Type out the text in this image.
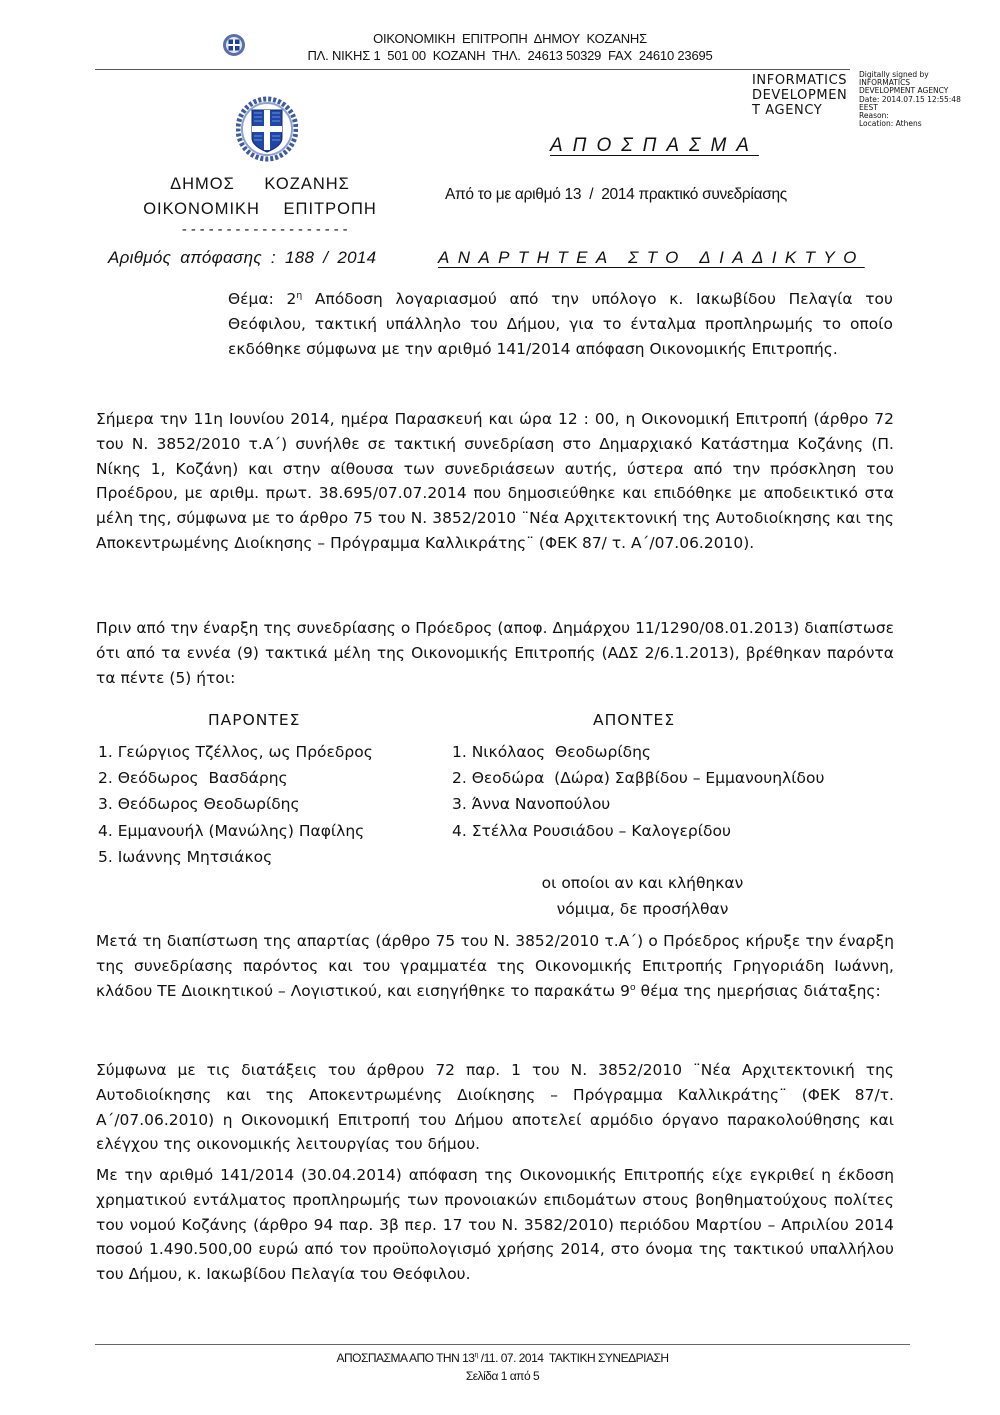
ΟΙΚΟΝΟΜΙΚΗ  ΕΠΙΤΡΟΠΗ  ΔΗΜΟΥ  ΚΟΖΑΝΗΣ
ΠΛ. ΝΙΚΗΣ 1  501 00  ΚΟΖΑΝΗ  ΤΗΛ.  24613 50329  FAX  24610 23695
INFORMATICS
DEVELOPMEN
T AGENCY
Digitally signed by
INFORMATICS
DEVELOPMENT AGENCY
Date: 2014.07.15 12:55:48
EEST
Reason:
Location: Athens
ΑΠΟΣΠΑΣΜΑ
ΔΗΜΟΣ ΚΟΖΑΝΗΣ
ΟΙΚΟΝΟΜΙΚΗ ΕΠΙΤΡΟΠΗ
-------------------
Από το με αριθμό 13  /  2014 πρακτικό συνεδρίασης
Αριθμός απόφασης : 188 / 2014	ΑΝΑΡΤΗΤΕΑ ΣΤΟ ΔΙΑΔΙΚΤΥΟ
Θέμα: $2^\eta$ Απόδοση λογαριασμού από την υπόλογο κ. Ιακωβίδου Πελαγία του Θεόφιλου, τακτική υπάλληλο του Δήμου, για το ένταλμα προπληρωμής το οποίο εκδόθηκε σύμφωνα με την αριθμό 141/2014 απόφαση Οικονομικής Επιτροπής.
Σήμερα την 11η Ιουνίου 2014, ημέρα Παρασκευή και ώρα 12 : 00, η Οικονομική Επιτροπή (άρθρο 72 του Ν. 3852/2010 τ.Α΄) συνήλθε σε τακτική συνεδρίαση στο Δημαρχιακό Κατάστημα Κοζάνης (Π. Νίκης 1, Κοζάνη) και στην αίθουσα των συνεδριάσεων αυτής, ύστερα από την πρόσκληση του Προέδρου, με αριθμ. πρωτ. 38.695/07.07.2014 που δημοσιεύθηκε και επιδόθηκε με αποδεικτικό στα μέλη της, σύμφωνα με το άρθρο 75 του Ν. 3852/2010 ¨Νέα Αρχιτεκτονική της Αυτοδιοίκησης και της Αποκεντρωμένης Διοίκησης – Πρόγραμμα Καλλικράτης¨ (ΦΕΚ 87/ τ. Α΄/07.06.2010).
Πριν από την έναρξη της συνεδρίασης ο Πρόεδρος (αποφ. Δημάρχου 11/1290/08.01.2013) διαπίστωσε ότι από τα εννέα (9) τακτικά μέλη της Οικονομικής Επιτροπής (ΑΔΣ 2/6.1.2013), βρέθηκαν παρόντα τα πέντε (5) ήτοι:
ΠΑΡΟΝΤΕΣ	ΑΠΟΝΤΕΣ
1. Γεώργιος Τζέλλος, ως Πρόεδρος
2. Θεόδωρος  Βασδάρης
3. Θεόδωρος Θεοδωρίδης
4. Εμμανουήλ (Μανώλης) Παφίλης
5. Ιωάννης Μητσιάκος
1. Νικόλαος  Θεοδωρίδης
2. Θεοδώρα  (Δώρα) Σαββίδου – Εμμανουηλίδου
3. Άννα Νανοπούλου
4. Στέλλα Ρουσιάδου – Καλογερίδου
οι οποίοι αν και κλήθηκαν
νόμιμα, δε προσήλθαν
Μετά τη διαπίστωση της απαρτίας (άρθρο 75 του Ν. 3852/2010 τ.Α΄) ο Πρόεδρος κήρυξε την έναρξη της συνεδρίασης παρόντος και του γραμματέα της Οικονομικής Επιτροπής Γρηγοριάδη Ιωάννη, κλάδου ΤΕ Διοικητικού – Λογιστικού, και εισηγήθηκε το παρακάτω $9^o$ θέμα της ημερήσιας διάταξης:
Σύμφωνα με τις διατάξεις του άρθρου 72 παρ. 1 του Ν. 3852/2010 ¨Νέα Αρχιτεκτονική της Αυτοδιοίκησης και της Αποκεντρωμένης Διοίκησης – Πρόγραμμα Καλλικράτης¨ (ΦΕΚ 87/τ. Α΄/07.06.2010) η Οικονομική Επιτροπή του Δήμου αποτελεί αρμόδιο όργανο παρακολούθησης και ελέγχου της οικονομικής λειτουργίας του δήμου.
Με την αριθμό 141/2014 (30.04.2014) απόφαση της Οικονομικής Επιτροπής είχε εγκριθεί η έκδοση χρηματικού εντάλματος προπληρωμής των προνοιακών επιδομάτων στους βοηθηματούχους πολίτες του νομού Κοζάνης (άρθρο 94 παρ. 3β περ. 17 του Ν. 3582/2010) περιόδου Μαρτίου – Απριλίου 2014 ποσού 1.490.500,00 ευρώ από τον προϋπολογισμό χρήσης 2014, στο όνομα της τακτικού υπαλλήλου του Δήμου, κ. Ιακωβίδου Πελαγία του Θεόφιλου.
ΑΠΟΣΠΑΣΜΑ ΑΠΟ ΤΗΝ $13^\eta$ /11. 07. 2014  ΤΑΚΤΙΚΗ ΣΥΝΕΔΡΙΑΣΗ
Σελίδα 1 από 5
